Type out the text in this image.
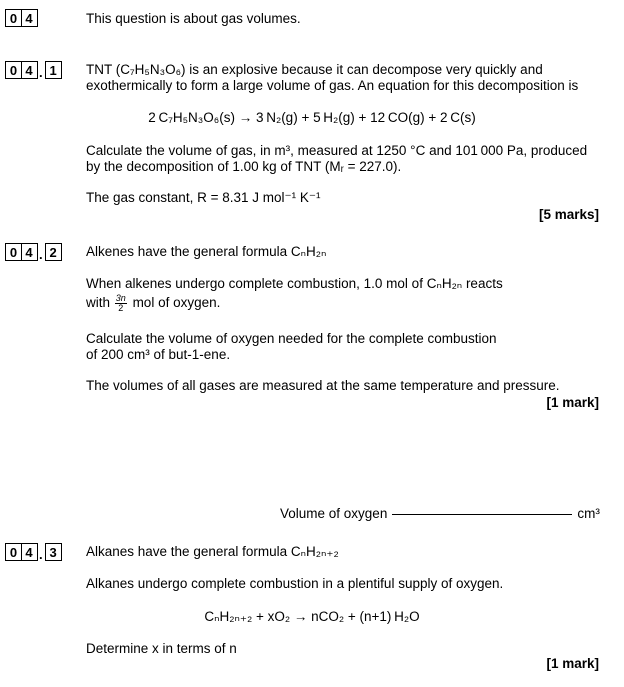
0 4	This question is about gas volumes.
0 4 . 1	TNT (C₇H₅N₃O₆) is an explosive because it can decompose very quickly and
exothermically to form a large volume of gas. An equation for this decomposition is
2 C₇H₅N₃O₆(s) → 3 N₂(g) + 5 H₂(g) + 12 CO(g) + 2 C(s)
Calculate the volume of gas, in m³, measured at 1250 °C and 101 000 Pa, produced
by the decomposition of 1.00 kg of TNT (Mᵣ = 227.0).
The gas constant, R = 8.31 J mol⁻¹ K⁻¹
[5 marks]
0 4 . 2	Alkenes have the general formula CₙH₂ₙ
When alkenes undergo complete combustion, 1.0 mol of CₙH₂ₙ reacts
with $\frac{3n}{2}$ mol of oxygen.
Calculate the volume of oxygen needed for the complete combustion
of 200 cm³ of but-1-ene.
The volumes of all gases are measured at the same temperature and pressure.
[1 mark]
Volume of oxygen	cm³
0 4 . 3	Alkanes have the general formula CₙH₂ₙ₊₂
Alkanes undergo complete combustion in a plentiful supply of oxygen.
CₙH₂ₙ₊₂ + xO₂ → nCO₂ + (n+1) H₂O
Determine x in terms of n
[1 mark]
